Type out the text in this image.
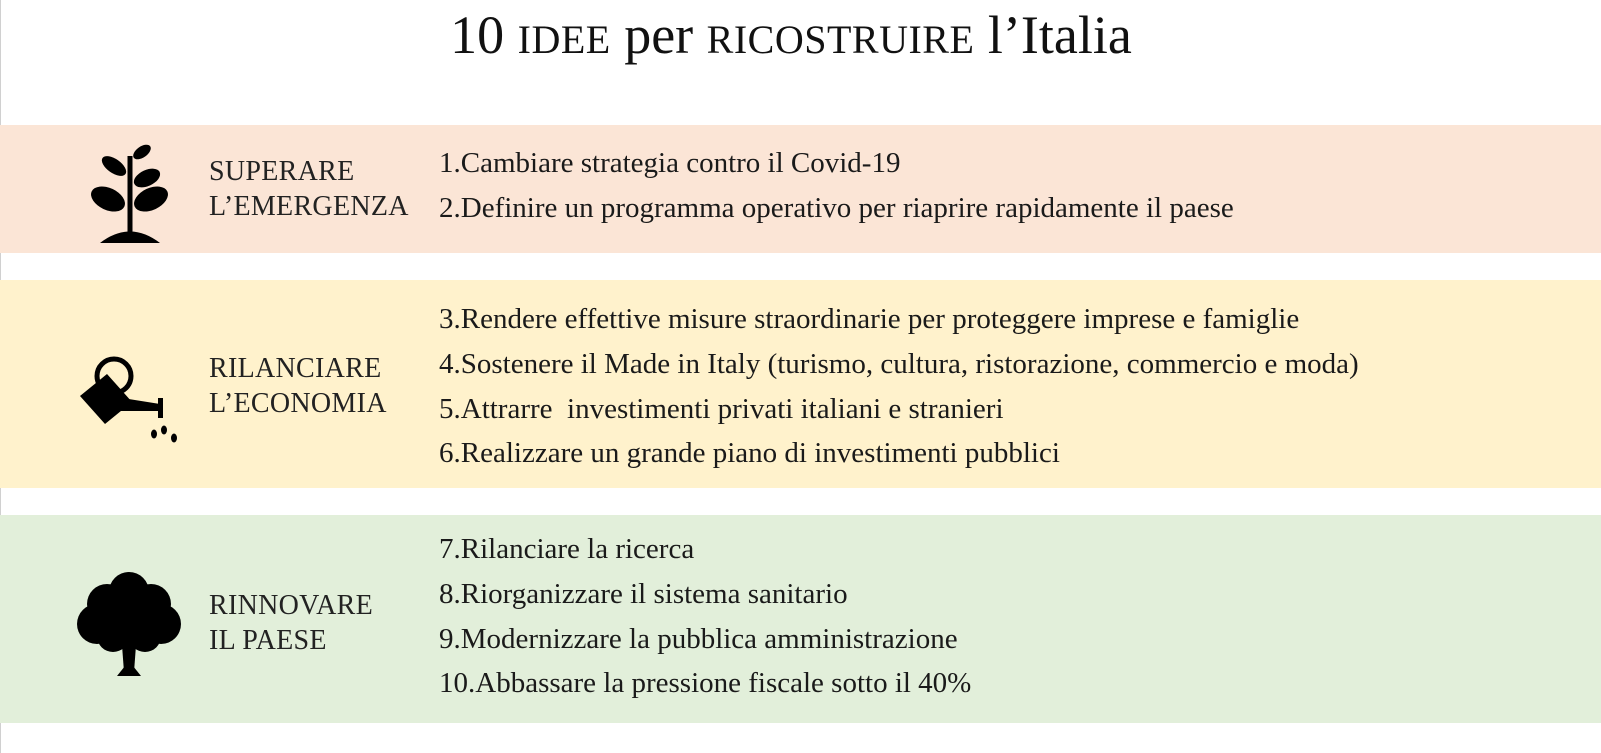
10 IDEE per RICOSTRUIRE l’Italia
SUPERARE
L’EMERGENZA
1.Cambiare strategia contro il Covid-19
2.Definire un programma operativo per riaprire rapidamente il paese
RILANCIARE
L’ECONOMIA
3.Rendere effettive misure straordinarie per proteggere imprese e famiglie
4.Sostenere il Made in Italy (turismo, cultura, ristorazione, commercio e moda)
5.Attrarre  investimenti privati italiani e stranieri
6.Realizzare un grande piano di investimenti pubblici
RINNOVARE
IL PAESE
7.Rilanciare la ricerca
8.Riorganizzare il sistema sanitario
9.Modernizzare la pubblica amministrazione
10.Abbassare la pressione fiscale sotto il 40%
